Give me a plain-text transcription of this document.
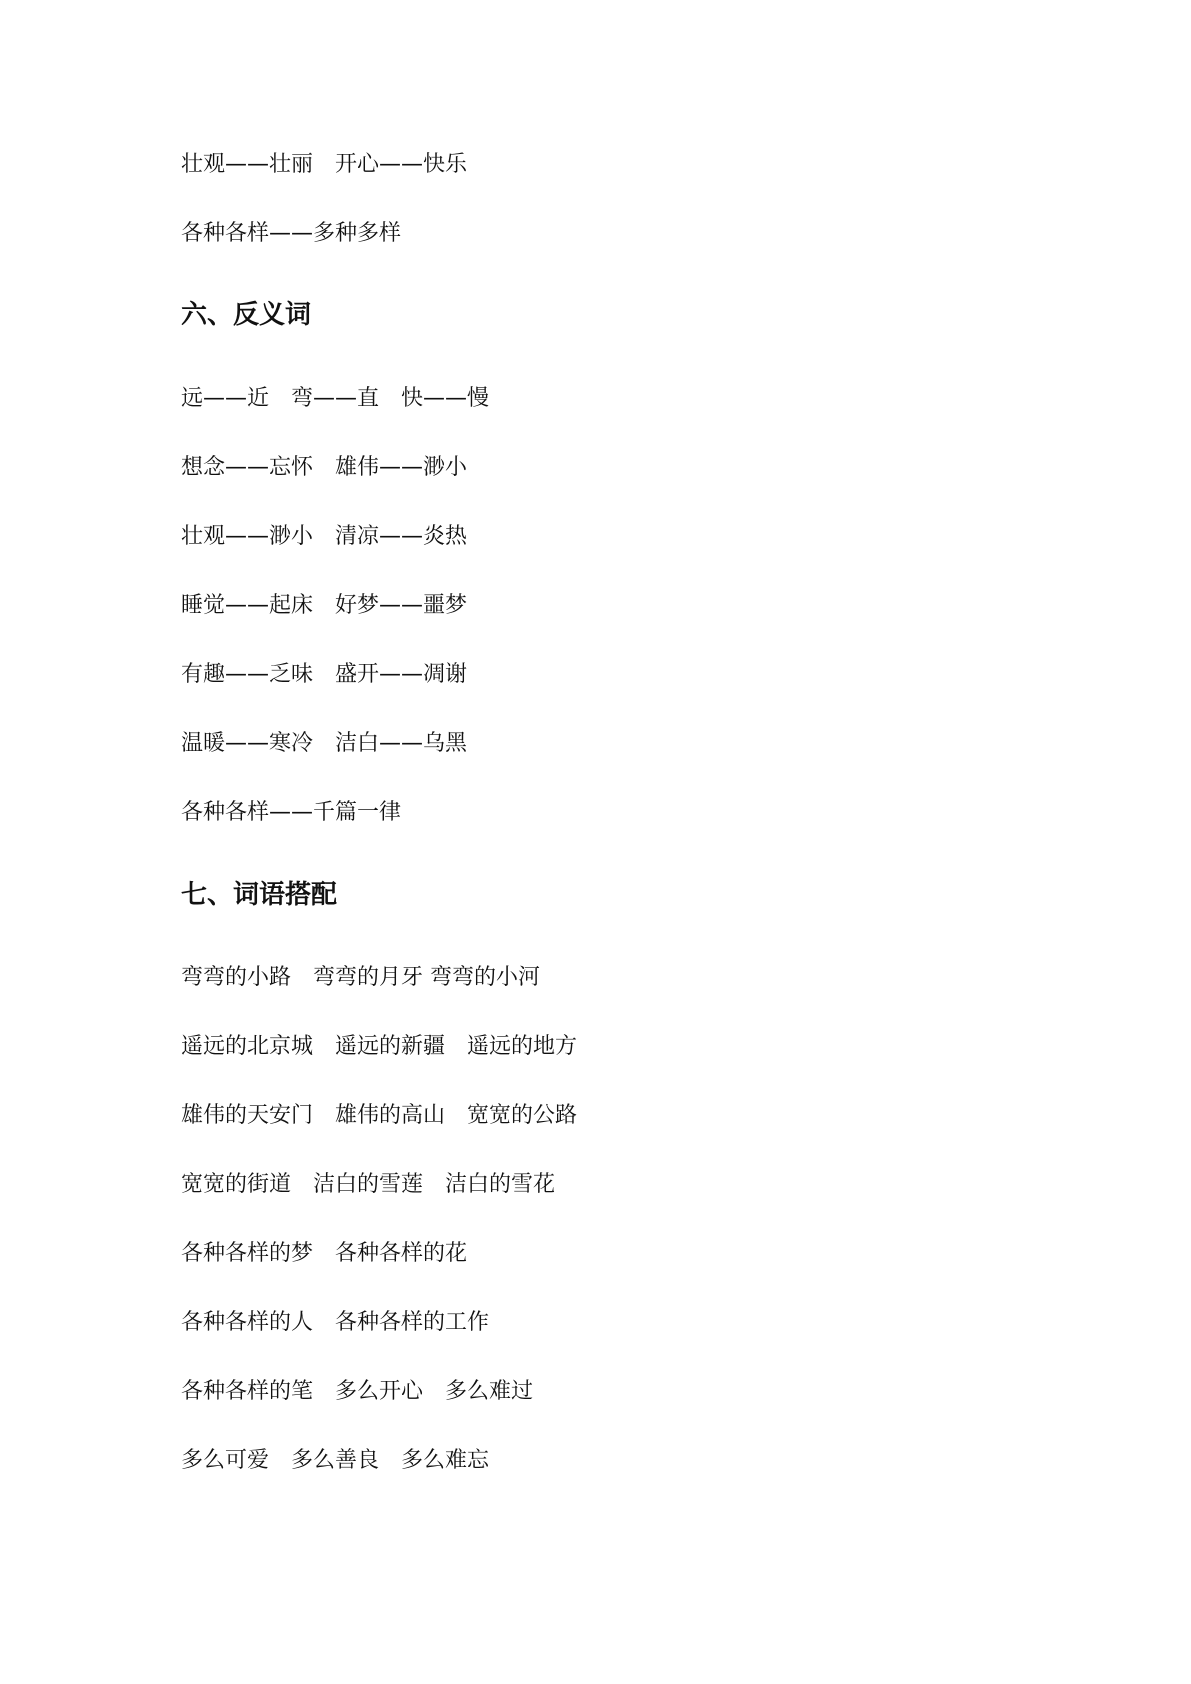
壮观——壮丽　开心——快乐
各种各样——多种多样
六、反义词
远——近　弯——直　快——慢
想念——忘怀　雄伟——渺小
壮观——渺小　清凉——炎热
睡觉——起床　好梦——噩梦
有趣——乏味　盛开——凋谢
温暖——寒冷　洁白——乌黑
各种各样——千篇一律
七、词语搭配
弯弯的小路　弯弯的月牙 弯弯的小河
遥远的北京城　遥远的新疆　遥远的地方
雄伟的天安门　雄伟的高山　宽宽的公路
宽宽的街道　洁白的雪莲　洁白的雪花
各种各样的梦　各种各样的花
各种各样的人　各种各样的工作
各种各样的笔　多么开心　多么难过
多么可爱　多么善良　多么难忘
